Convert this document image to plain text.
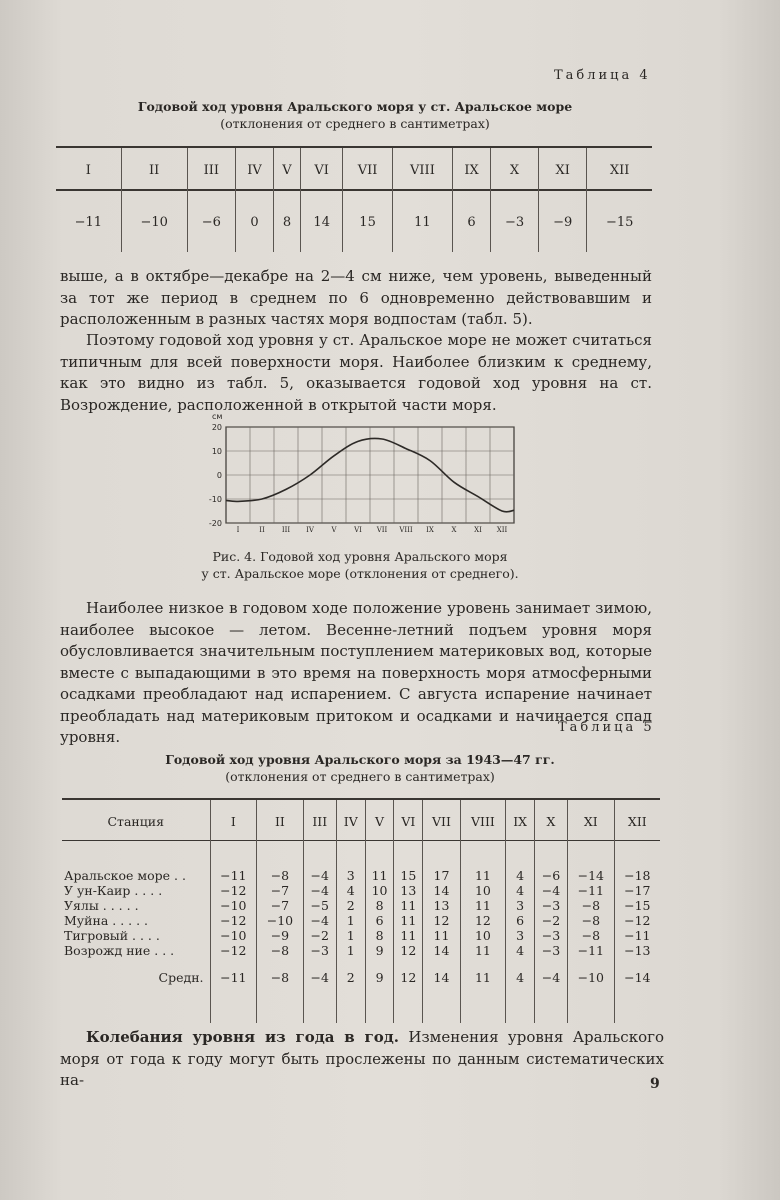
Таблица 4
Годовой ход уровня Аральского моря у ст. Аральское море
(отклонения от среднего в сантиметрах)
I	II	III	IV	V	VI	VII	VIII	IX	X	XI	XII
−11	−10	−6	0	8	14	15	11	6	−3	−9	−15
выше, а в октябре—декабре на 2—4 см ниже, чем уровень, выведенный за тот же период в среднем по 6 одновременно действовавшим и расположенным в разных частях моря водпостам (табл. 5).
Поэтому годовой ход уровня у ст. Аральское море не может считаться типичным для всей поверхности моря. Наиболее близким к среднему, как это видно из табл. 5, оказывается годовой ход уровня на ст. Возрождение, расположенной в открытой части моря.
20
10
0
-10
-20
см
I	II III IV	V	VI VII VIII IX	X	XI XII
Рис. 4. Годовой ход уровня Аральского моря
у ст. Аральское море (отклонения от среднего).
Наиболее низкое в годовом ходе положение уровень занимает зимою, наиболее высокое — летом. Весенне-летний подъем уровня моря обусловливается значительным поступлением материковых вод, которые вместе с выпадающими в это время на поверхность моря атмосферными осадками преобладают над испарением. С августа испарение начинает преобладать над материковым притоком и осадками и начинается спад уровня.
Таблица 5
Годовой ход уровня Аральского моря за 1943—47 гг.
(отклонения от среднего в сантиметрах)
Станция	I	II	III	IV	V	VI	VII	VIII	IX	X	XI	XII

Аральское море . .	−11	−8	−4	3	11	15	17	11	4	−6	−14	−18
У ун-Каир . . . .	−12	−7	−4	4	10	13	14	10	4	−4	−11	−17
Уялы . . . . .	−10	−7	−5	2	8	11	13	11	3	−3	−8	−15
Муйна . . . . .	−12	−10	−4	1	6	11	12	12	6	−2	−8	−12
Тигровый . . . .	−10	−9	−2	1	8	11	11	10	3	−3	−8	−11
Возрожд ние . . .	−12	−8	−3	1	9	12	14	11	4	−3	−11	−13

Средн.	−11	−8	−4	2	9	12	14	11	4	−4	−10	−14

Колебания уровня из года в год. Изменения уровня Аральского моря от года к году могут быть прослежены по данным систематических на-	9
